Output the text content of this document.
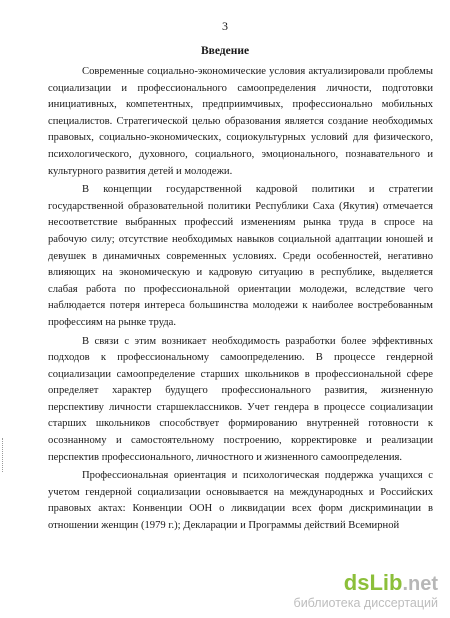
3
Введение

Современные социально-экономические условия актуализировали проблемы социализации и профессионального самоопределения личности, подготовки инициативных, компетентных, предприимчивых, профессионально мобильных специалистов. Стратегической целью образования является создание необходимых правовых, социально-экономических, социокультурных условий для физического, психологического, духовного, социального, эмоционального, познавательного и культурного развития детей и молодежи.

В концепции государственной кадровой политики и стратегии государственной образовательной политики Республики Саха (Якутия) отмечается несоответствие выбранных профессий изменениям рынка труда в спросе на рабочую силу; отсутствие необходимых навыков социальной адаптации юношей и девушек в динамичных современных условиях. Среди особенностей, негативно влияющих на экономическую и кадровую ситуацию в республике, выделяется слабая работа по профессиональной ориентации молодежи, вследствие чего наблюдается потеря интереса большинства молодежи к наиболее востребованным профессиям на рынке труда.

В связи с этим возникает необходимость разработки более эффективных подходов к профессиональному самоопределению. В процессе гендерной социализации самоопределение старших школьников в профессиональной сфере определяет характер будущего профессионального развития, жизненную перспективу личности старшеклассников. Учет гендера в процессе социализации старших школьников способствует формированию внутренней готовности к осознанному и самостоятельному построению, корректировке и реализации перспектив профессионального, личностного и жизненного самоопределения.

Профессиональная ориентация и психологическая поддержка учащихся с учетом гендерной социализации основывается на международных и Российских правовых актах: Конвенции ООН о ликвидации всех форм дискриминации в отношении женщин (1979 г.); Декларации и Программы действий Всемирной

dsLib.net
библиотека диссертаций
